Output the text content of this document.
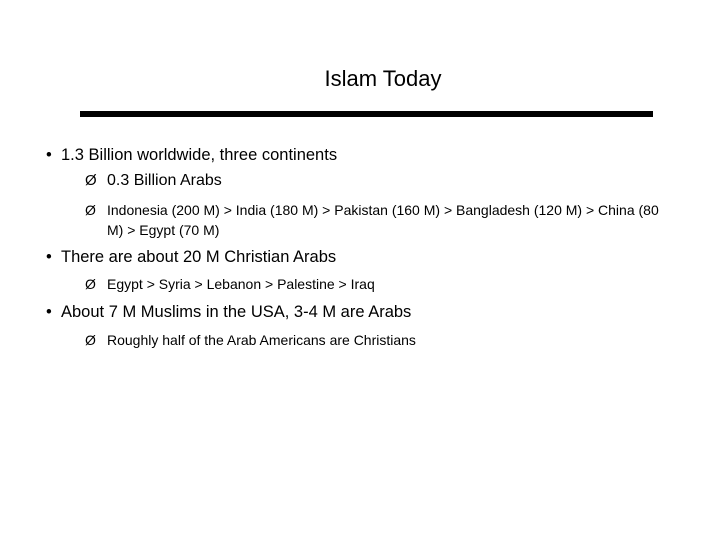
Islam Today
• 1.3 Billion worldwide, three continents
Ø 0.3 Billion Arabs
Ø Indonesia (200 M) > India (180 M) > Pakistan (160 M) > Bangladesh (120 M) > China (80 M) > Egypt (70 M)
• There are about 20 M Christian Arabs
Ø Egypt > Syria > Lebanon > Palestine > Iraq
• About 7 M Muslims in the USA, 3-4 M are Arabs
Ø Roughly half of the Arab Americans are Christians
